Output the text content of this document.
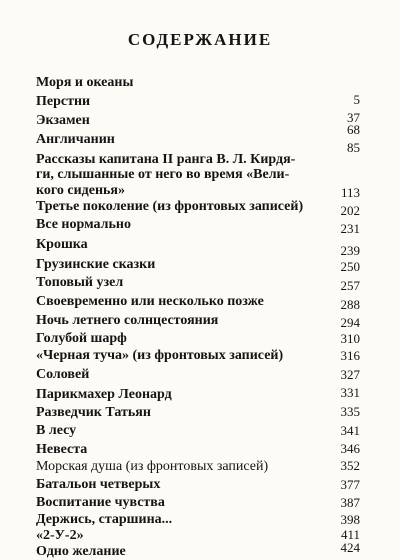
СОДЕРЖАНИЕ
Моря и океаны
Перстни	5
Экзамен	37
Англичанин
68
Рассказы капитана II ранга В. Л. Кирдя-
85
ги, слышанные от него во время «Вели-
кого сиденья»
Третье поколение (из фронтовых записей)
113
Все нормально
202
Крошка
231
Грузинские сказки
239
Топовый узел
250
Своевременно или несколько позже
257
Ночь летнего солнцестояния
288
Голубой шарф
294
«Черная туча» (из фронтовых записей)
310
Соловей
316
Парикмахер Леонард
327
Разведчик Татьян
331
В лесу
335
Невеста
341
Морская душа (из фронтовых записей)
346
Батальон четверых
352
Воспитание чувства
377
Держись, старшина...
387
«2-У-2»
398
Одно желание
411
424
